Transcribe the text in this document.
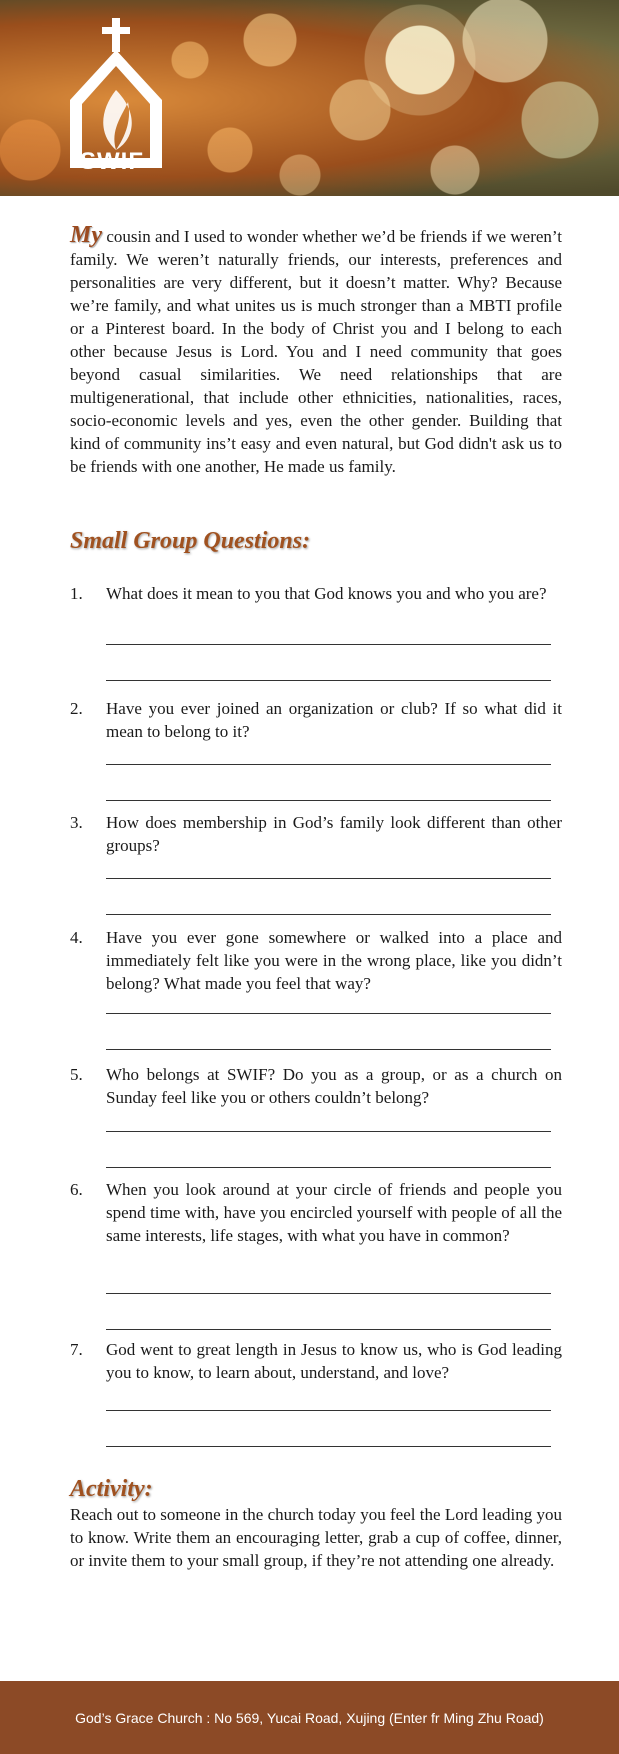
SWIF

My cousin and I used to wonder whether we’d be friends if we weren’t family. We weren’t naturally friends, our interests, preferences and personalities are very different, but it doesn’t matter. Why? Because we’re family, and what unites us is much stronger than a MBTI profile or a Pinterest board. In the body of Christ you and I belong to each other because Jesus is Lord. You and I need community that goes beyond casual similarities. We need relationships that are multigenerational, that include other ethnicities, nationalities, races, socio-economic levels and yes, even the other gender. Building that kind of community ins’t easy and even natural, but God didn't ask us to be friends with one another, He made us family.

Small Group Questions:
1.	What does it mean to you that God knows you and who you are?
2.	Have you ever joined an organization or club? If so what did it mean to belong to it?
3.	How does membership in God’s family look different than other groups?
4.	Have you ever gone somewhere or walked into a place and immediately felt like you were in the wrong place, like you didn’t belong? What made you feel that way?
5.	Who belongs at SWIF? Do you as a group, or as a church on Sunday feel like you or others couldn’t belong?
6.	When you look around at your circle of friends and people you spend time with, have you encircled yourself with people of all the same interests, life stages, with what you have in common?
7.	God went to great length in Jesus to know us, who is God leading you to know, to learn about, understand, and love?
Activity:

Reach out to someone in the church today you feel the Lord leading you to know. Write them an encouraging letter, grab a cup of coffee, dinner, or invite them to your small group, if they’re not attending one already.

God’s Grace Church : No 569, Yucai Road, Xujing (Enter fr Ming Zhu Road)
